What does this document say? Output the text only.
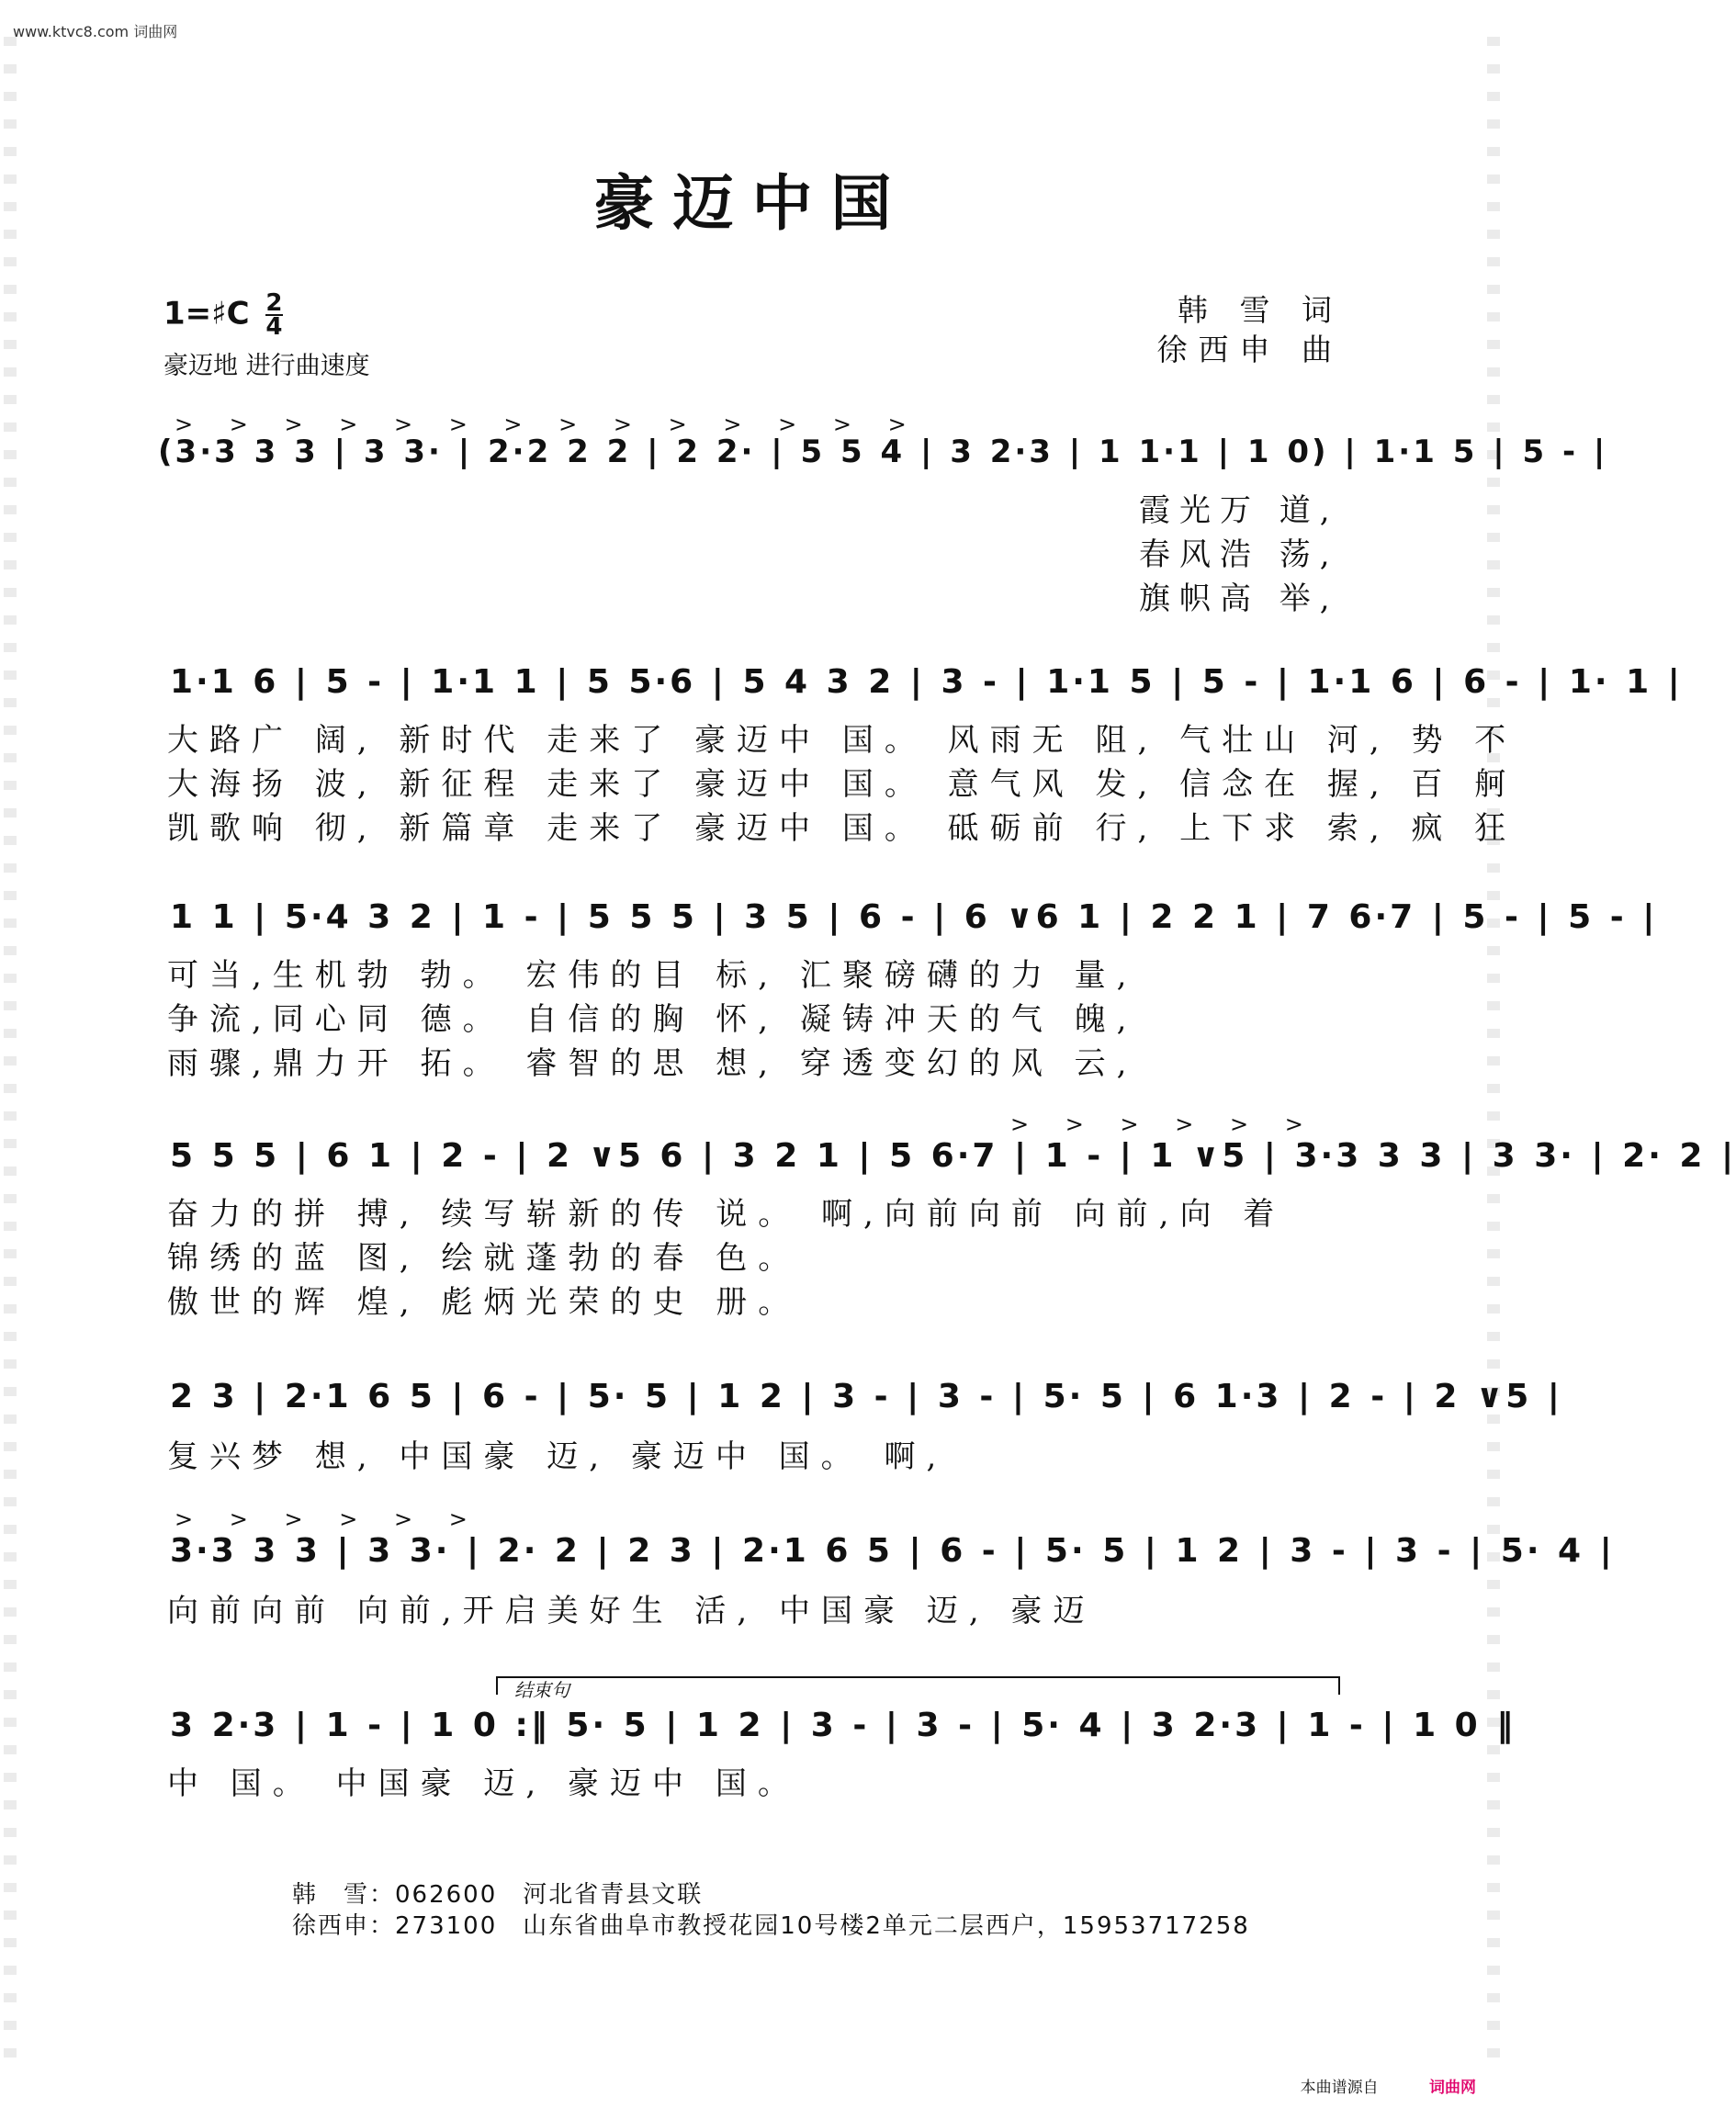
www.ktvc8.com 词曲网
豪迈中国
1=♯C $\frac{2}{4}$
豪迈地 进行曲速度
韩 雪 词
徐西申 曲
> > > > > > > > > > > > > >
(3·3 3 3 | 3 3· | 2·2 2 2 | 2 2· | 5 5 4 | 3 2·3 | 1 1·1 | 1 0) | 1·1 5 | 5 - |
霞光万 道,
春风浩 荡,
旗帜高 举,
1·1 6 | 5 - | 1·1 1 | 5 5·6 | 5 4 3 2 | 3 - | 1·1 5 | 5 - | 1·1 6 | 6 - | 1· 1 |
大路广 阔, 新时代 走来了 豪迈中 国。 风雨无 阻, 气壮山 河, 势 不
大海扬 波, 新征程 走来了 豪迈中 国。 意气风 发, 信念在 握, 百 舸
凯歌响 彻, 新篇章 走来了 豪迈中 国。 砥砺前 行, 上下求 索, 疯 狂
1 1 | 5·4 3 2 | 1 - | 5 5 5 | 3 5 | 6 - | 6 ∨6 1 | 2 2 1 | 7 6·7 | 5 - | 5 - |
可当,生机勃 勃。 宏伟的目 标, 汇聚磅礴的力 量,
争流,同心同 德。 自信的胸 怀, 凝铸冲天的气 魄,
雨骤,鼎力开 拓。 睿智的思 想, 穿透变幻的风 云,
> > > > > >
5 5 5 | 6 1 | 2 - | 2 ∨5 6 | 3 2 1 | 5 6·7 | 1 - | 1 ∨5 | 3·3 3 3 | 3 3· | 2· 2 |
奋力的拼 搏, 续写崭新的传 说。 啊,向前向前 向前,向 着
锦绣的蓝 图, 绘就蓬勃的春 色。
傲世的辉 煌, 彪炳光荣的史 册。
2 3 | 2·1 6 5 | 6 - | 5· 5 | 1 2 | 3 - | 3 - | 5· 5 | 6 1·3 | 2 - | 2 ∨5 |
复兴梦 想, 中国豪 迈, 豪迈中 国。 啊,
> > > > > >
3·3 3 3 | 3 3· | 2· 2 | 2 3 | 2·1 6 5 | 6 - | 5· 5 | 1 2 | 3 - | 3 - | 5· 4 |
向前向前 向前,开启美好生 活, 中国豪 迈, 豪迈
结束句
3 2·3 | 1 - | 1 0 :‖ 5· 5 | 1 2 | 3 - | 3 - | 5· 4 | 3 2·3 | 1 - | 1 0 ‖
中 国。 中国豪 迈, 豪迈中 国。
韩　雪：062600　河北省青县文联
徐西申：273100　山东省曲阜市教授花园10号楼2单元二层西户，15953717258
本曲谱源自	词曲网
